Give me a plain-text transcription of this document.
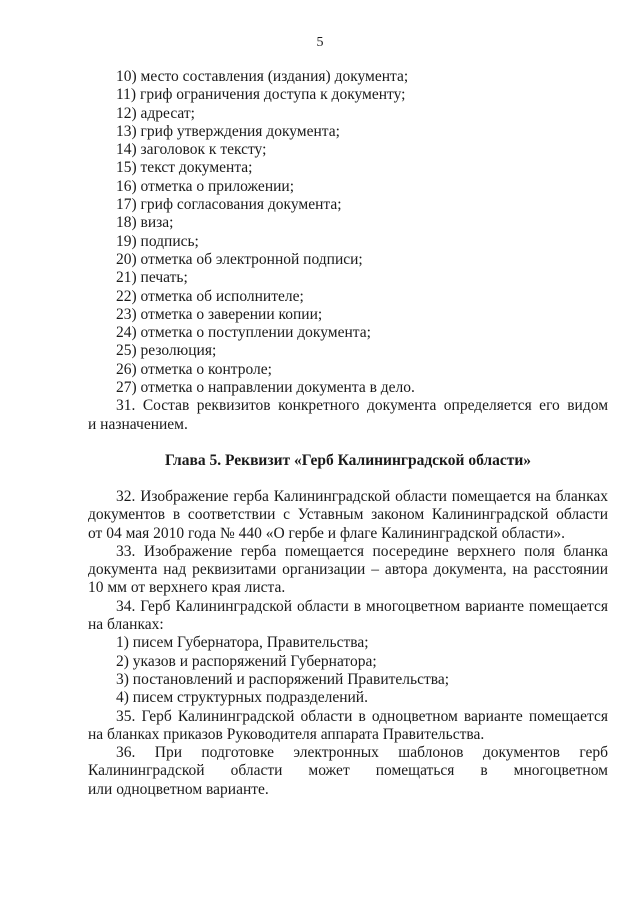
5
10) место составления (издания) документа;
11) гриф ограничения доступа к документу;
12) адресат;
13) гриф утверждения документа;
14) заголовок к тексту;
15) текст документа;
16) отметка о приложении;
17) гриф согласования документа;
18) виза;
19) подпись;
20) отметка об электронной подписи;
21) печать;
22) отметка об исполнителе;
23) отметка о заверении копии;
24) отметка о поступлении документа;
25) резолюция;
26) отметка о контроле;
27) отметка о направлении документа в дело.
31. Состав реквизитов конкретного документа определяется его видом
и назначением.
Глава 5. Реквизит «Герб Калининградской области»
32. Изображение герба Калининградской области помещается на бланках
документов в соответствии с Уставным законом Калининградской области
от 04 мая 2010 года № 440 «О гербе и флаге Калининградской области».
33. Изображение герба помещается посередине верхнего поля бланка
документа над реквизитами организации – автора документа, на расстоянии
10 мм от верхнего края листа.
34. Герб Калининградской области в многоцветном варианте помещается
на бланках:
1) писем Губернатора, Правительства;
2) указов и распоряжений Губернатора;
3) постановлений и распоряжений Правительства;
4) писем структурных подразделений.
35. Герб Калининградской области в одноцветном варианте помещается
на бланках приказов Руководителя аппарата Правительства.
36. При подготовке электронных шаблонов документов герб
Калининградской области может помещаться в многоцветном
или одноцветном варианте.
